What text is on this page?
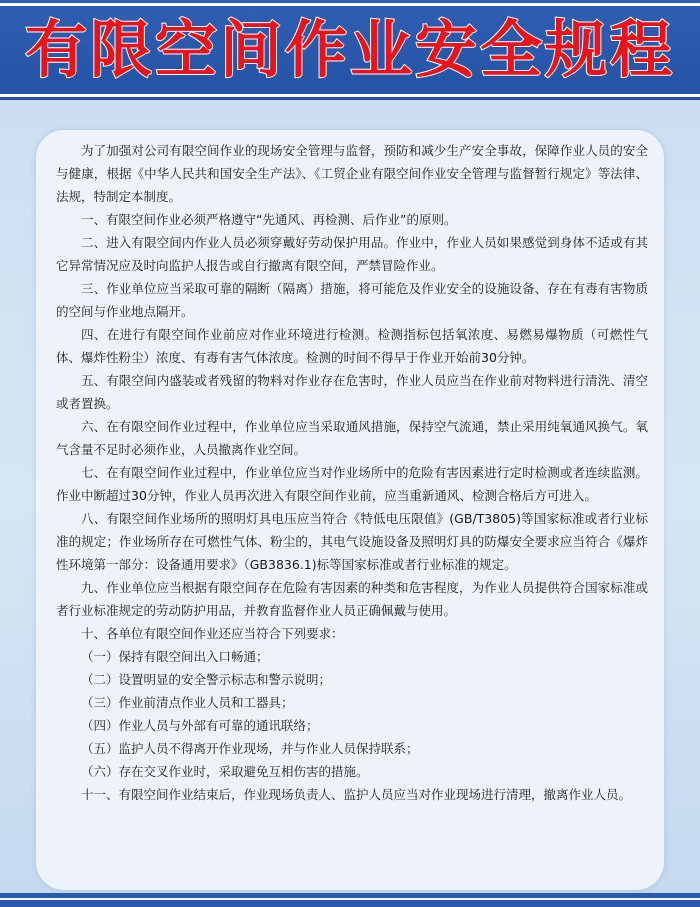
有限空间作业安全规程

为了加强对公司有限空间作业的现场安全管理与监督，预防和减少生产安全事故，保障作业人员的安全与健康，根据《中华人民共和国安全生产法》、《工贸企业有限空间作业安全管理与监督暂行规定》等法律、法规，特制定本制度。

一、有限空间作业必须严格遵守“先通风、再检测、后作业”的原则。

二、进入有限空间内作业人员必须穿戴好劳动保护用品。作业中，作业人员如果感觉到身体不适或有其它异常情况应及时向监护人报告或自行撤离有限空间，严禁冒险作业。

三、作业单位应当采取可靠的隔断（隔离）措施，将可能危及作业安全的设施设备、存在有毒有害物质的空间与作业地点隔开。

四、在进行有限空间作业前应对作业环境进行检测。检测指标包括氧浓度、易燃易爆物质（可燃性气体、爆炸性粉尘）浓度、有毒有害气体浓度。检测的时间不得早于作业开始前30分钟。

五、有限空间内盛装或者残留的物料对作业存在危害时，作业人员应当在作业前对物料进行清洗、清空或者置换。

六、在有限空间作业过程中，作业单位应当采取通风措施，保持空气流通，禁止采用纯氧通风换气。氧气含量不足时必须作业，人员撤离作业空间。

七、在有限空间作业过程中，作业单位应当对作业场所中的危险有害因素进行定时检测或者连续监测。作业中断超过30分钟，作业人员再次进入有限空间作业前，应当重新通风、检测合格后方可进入。

八、有限空间作业场所的照明灯具电压应当符合《特低电压限值》(GB/T3805)等国家标准或者行业标准的规定；作业场所存在可燃性气体、粉尘的，其电气设施设备及照明灯具的防爆安全要求应当符合《爆炸性环境第一部分：设备通用要求》（GB3836.1)标等国家标准或者行业标准的规定。

九、作业单位应当根据有限空间存在危险有害因素的种类和危害程度，为作业人员提供符合国家标准或者行业标准规定的劳动防护用品，并教育监督作业人员正确佩戴与使用。

十、各单位有限空间作业还应当符合下列要求：

（一）保持有限空间出入口畅通；

（二）设置明显的安全警示标志和警示说明；

（三）作业前清点作业人员和工器具；

（四）作业人员与外部有可靠的通讯联络；

（五）监护人员不得离开作业现场，并与作业人员保持联系；

（六）存在交叉作业时，采取避免互相伤害的措施。

十一、有限空间作业结束后，作业现场负责人、监护人员应当对作业现场进行清理，撤离作业人员。
